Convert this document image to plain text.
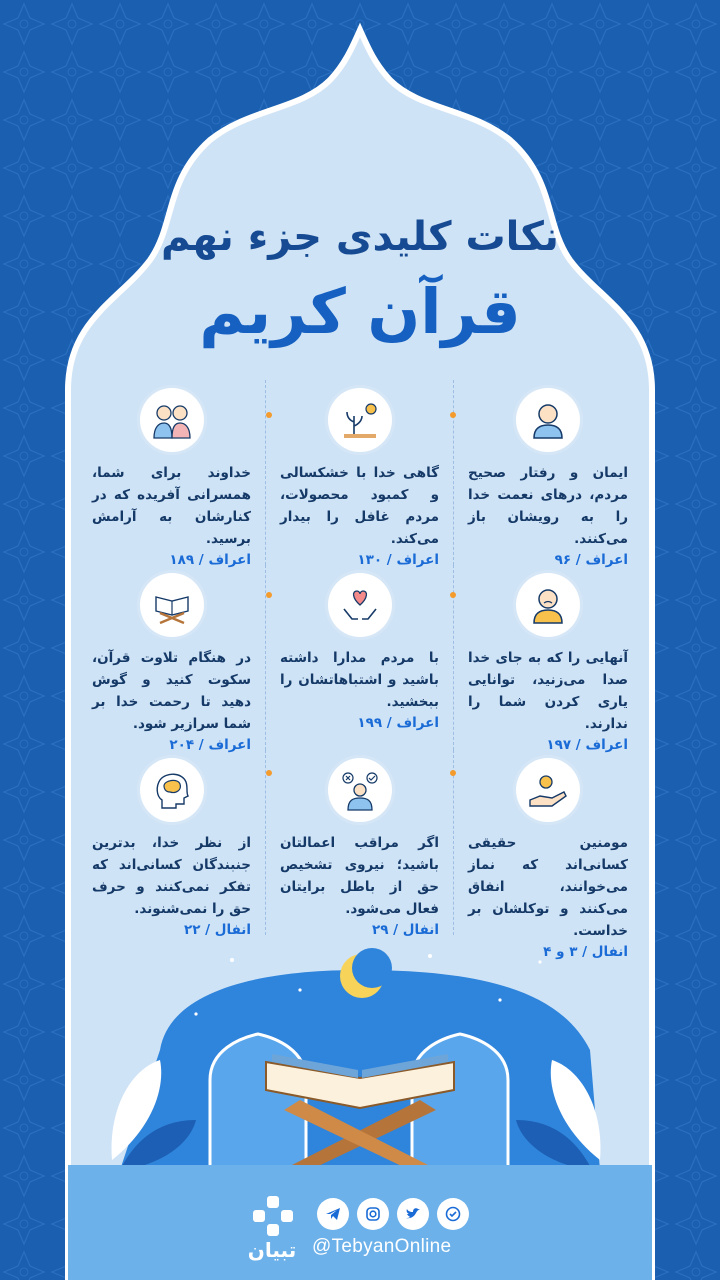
نکات کلیدی جزء نهم
قرآن کریم
ایمان و رفتار صحیح مردم، درهای نعمت خدا را به رویشان باز می‌کنند.
اعراف / ۹۶
گاهی خدا با خشکسالی و کمبود محصولات، مردم غافل را بیدار می‌کند.
اعراف / ۱۳۰
خداوند برای شما، همسرانی آفریده که در کنارشان به آرامش برسید.
اعراف / ۱۸۹
آنهایی را که به جای خدا صدا می‌زنید، توانایی یاری کردن شما را ندارند.
اعراف / ۱۹۷
با مردم مدارا داشته باشید و اشتباهاتشان را ببخشید.
اعراف / ۱۹۹
در هنگام تلاوت قرآن، سکوت کنید و گوش دهید تا رحمت خدا بر شما سرازیر شود.
اعراف / ۲۰۴
مومنین حقیقی کسانی‌اند که نماز می‌خوانند، انفاق می‌کنند و توکلشان بر خداست.
انفال / ۳ و ۴
اگر مراقب اعمالتان باشید؛ نیروی تشخیص حق از باطل برایتان فعال می‌شود.
انفال / ۲۹
از نظر خدا، بدترین جنبندگان کسانی‌اند که تفکر نمی‌کنند و حرف حق را نمی‌شنوند.
انفال / ۲۲
تبیان @TebyanOnline
